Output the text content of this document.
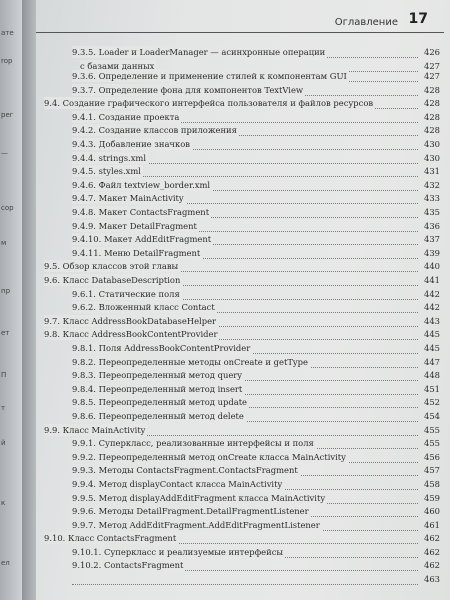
ате
rop
рег
—
сор
м
пр
ет
П
т
й
к
ел
Оглавление 17
9.3.5. Loader и LoaderManager — асинхронные операции	426
с базами данных	427
9.3.6. Определение и применение стилей к компонентам GUI	427
9.3.7. Определение фона для компонентов TextView	428
9.4. Создание графического интерфейса пользователя и файлов ресурсов	428
9.4.1. Создание проекта	428
9.4.2. Создание классов приложения	428
9.4.3. Добавление значков	430
9.4.4. strings.xml	430
9.4.5. styles.xml	431
9.4.6. Файл textview_border.xml	432
9.4.7. Макет MainActivity	433
9.4.8. Макет ContactsFragment	435
9.4.9. Макет DetailFragment	436
9.4.10. Макет AddEditFragment	437
9.4.11. Меню DetailFragment	439
9.5. Обзор классов этой главы	440
9.6. Класс DatabaseDescription	441
9.6.1. Статические поля	442
9.6.2. Вложенный класс Contact	442
9.7. Класс AddressBookDatabaseHelper	443
9.8. Класс AddressBookContentProvider	445
9.8.1. Поля AddressBookContentProvider	445
9.8.2. Переопределенные методы onCreate и getType	447
9.8.3. Переопределенный метод query	448
9.8.4. Переопределенный метод insert	451
9.8.5. Переопределенный метод update	452
9.8.6. Переопределенный метод delete	454
9.9. Класс MainActivity	455
9.9.1. Суперкласс, реализованные интерфейсы и поля	455
9.9.2. Переопределенный метод onCreate класса MainActivity	456
9.9.3. Методы ContactsFragment.ContactsFragment	457
9.9.4. Метод displayContact класса MainActivity	458
9.9.5. Метод displayAddEditFragment класса MainActivity	459
9.9.6. Методы DetailFragment.DetailFragmentListener	460
9.9.7. Метод AddEditFragment.AddEditFragmentListener	461
9.10. Класс ContactsFragment	462
9.10.1. Суперкласс и реализуемые интерфейсы	462
9.10.2. ContactsFragment	462
463
